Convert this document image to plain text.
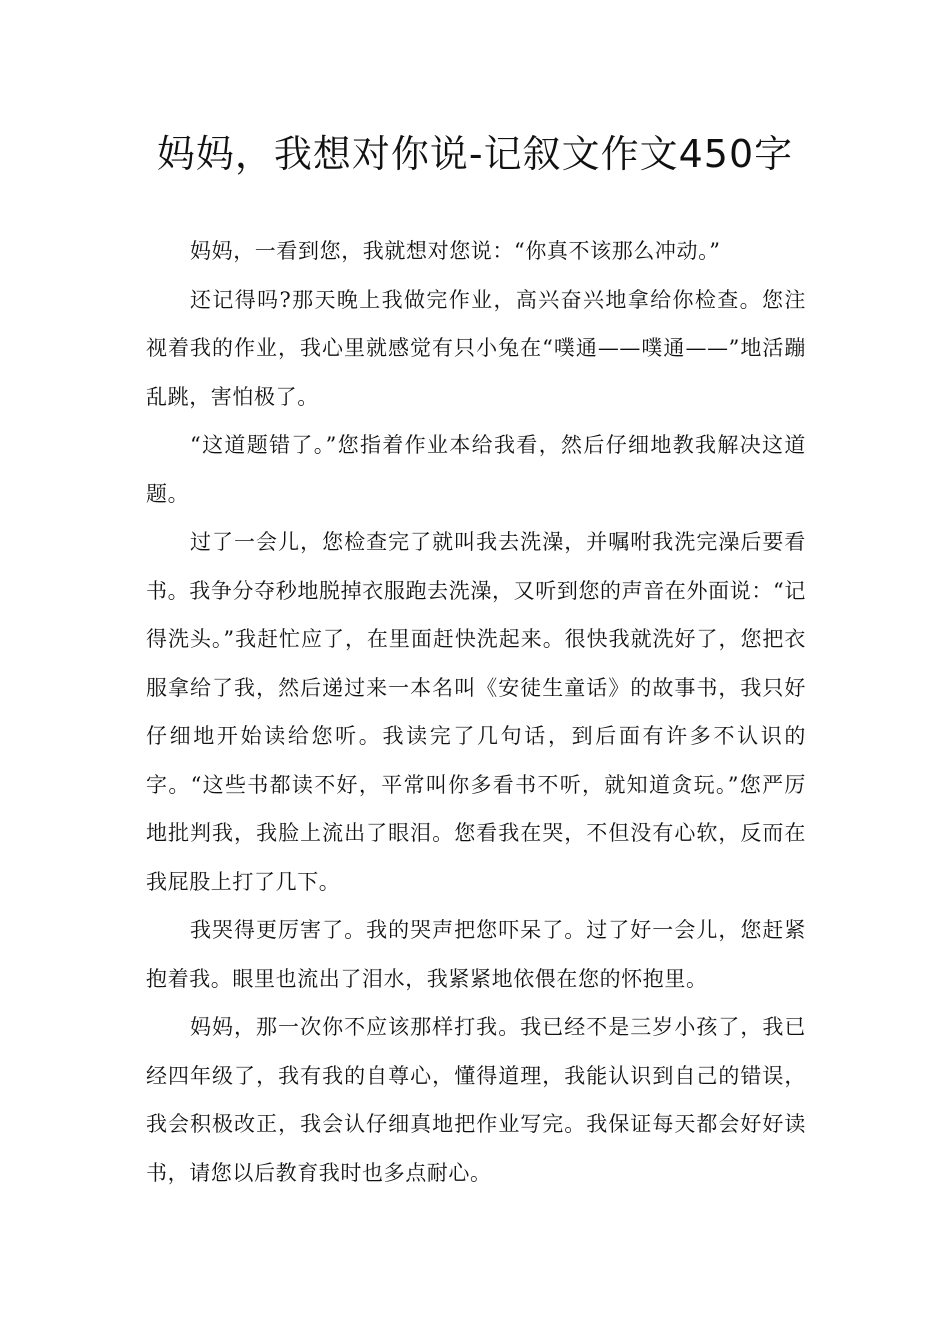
妈妈，我想对你说-记叙文作文450字

妈妈，一看到您，我就想对您说：“你真不该那么冲动。”

还记得吗?那天晚上我做完作业，高兴奋兴地拿给你检查。您注视着我的作业，我心里就感觉有只小兔在“噗通——噗通——”地活蹦乱跳，害怕极了。

“这道题错了。”您指着作业本给我看，然后仔细地教我解决这道题。

过了一会儿，您检查完了就叫我去洗澡，并嘱咐我洗完澡后要看书。我争分夺秒地脱掉衣服跑去洗澡，又听到您的声音在外面说：“记得洗头。”我赶忙应了，在里面赶快洗起来。很快我就洗好了，您把衣服拿给了我，然后递过来一本名叫《安徒生童话》的故事书，我只好仔细地开始读给您听。我读完了几句话，到后面有许多不认识的字。“这些书都读不好，平常叫你多看书不听，就知道贪玩。”您严厉地批判我，我脸上流出了眼泪。您看我在哭，不但没有心软，反而在我屁股上打了几下。

我哭得更厉害了。我的哭声把您吓呆了。过了好一会儿，您赶紧抱着我。眼里也流出了泪水，我紧紧地依偎在您的怀抱里。

妈妈，那一次你不应该那样打我。我已经不是三岁小孩了，我已经四年级了，我有我的自尊心，懂得道理，我能认识到自己的错误，我会积极改正，我会认仔细真地把作业写完。我保证每天都会好好读书，请您以后教育我时也多点耐心。
